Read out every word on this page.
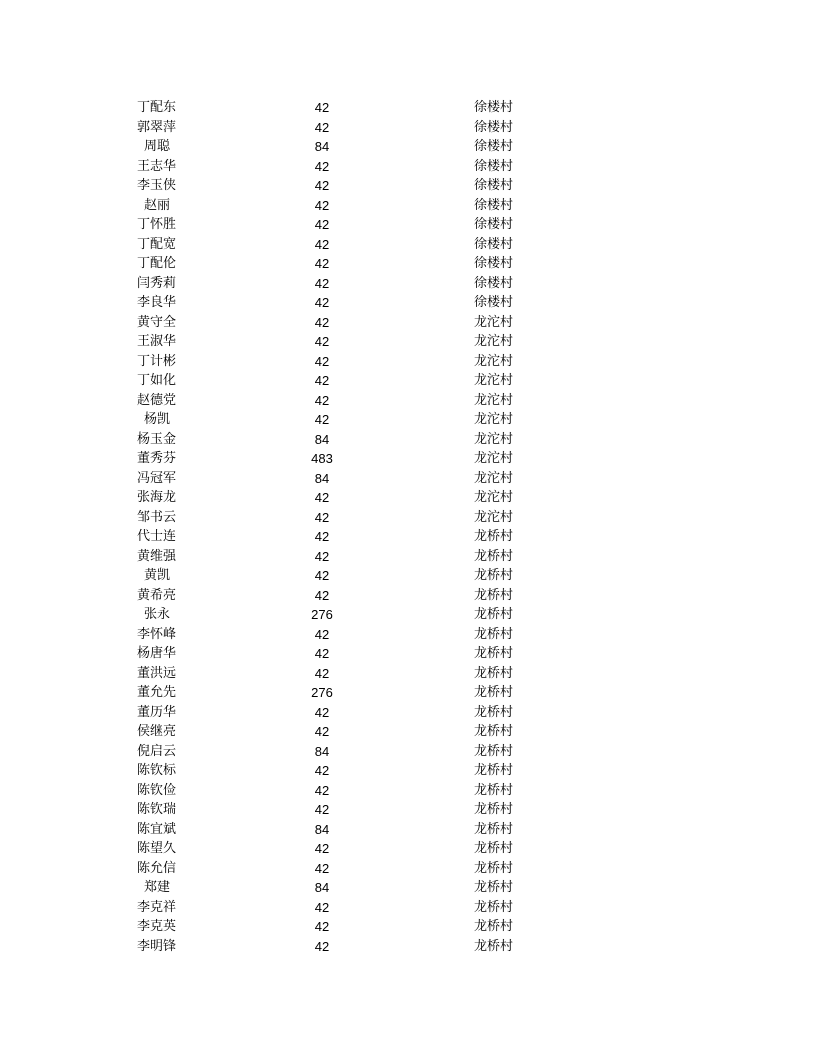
丁配东	42	徐楼村
郭翠萍	42	徐楼村
周聪	84	徐楼村
王志华	42	徐楼村
李玉侠	42	徐楼村
赵丽	42	徐楼村
丁怀胜	42	徐楼村
丁配宽	42	徐楼村
丁配伦	42	徐楼村
闫秀莉	42	徐楼村
李良华	42	徐楼村
黄守全	42	龙沱村
王淑华	42	龙沱村
丁计彬	42	龙沱村
丁如化	42	龙沱村
赵德党	42	龙沱村
杨凯	42	龙沱村
杨玉金	84	龙沱村
董秀芬	483	龙沱村
冯冠军	84	龙沱村
张海龙	42	龙沱村
邹书云	42	龙沱村
代士连	42	龙桥村
黄维强	42	龙桥村
黄凯	42	龙桥村
黄希亮	42	龙桥村
张永	276	龙桥村
李怀峰	42	龙桥村
杨唐华	42	龙桥村
董洪远	42	龙桥村
董允先	276	龙桥村
董历华	42	龙桥村
侯继亮	42	龙桥村
倪启云	84	龙桥村
陈钦标	42	龙桥村
陈钦俭	42	龙桥村
陈钦瑞	42	龙桥村
陈宜斌	84	龙桥村
陈望久	42	龙桥村
陈允信	42	龙桥村
郑建	84	龙桥村
李克祥	42	龙桥村
李克英	42	龙桥村
李明锋	42	龙桥村
